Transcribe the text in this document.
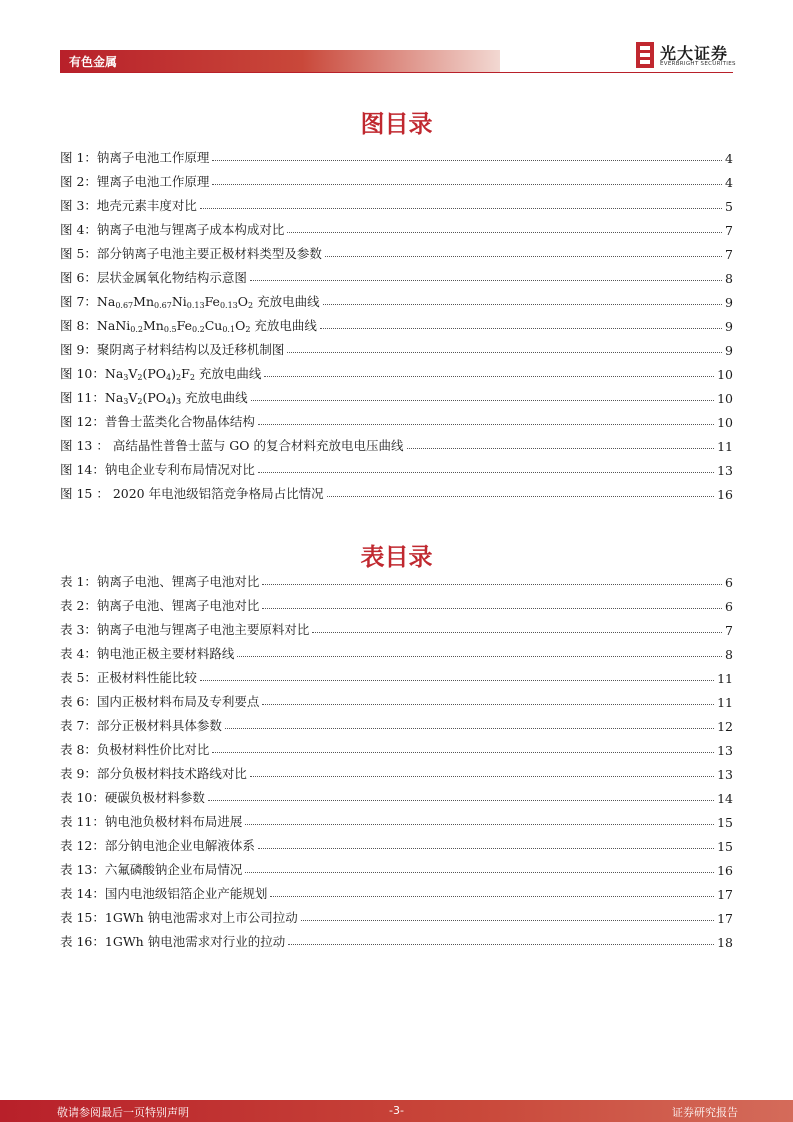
有色金属	光大证券
EVERBRIGHT SECURITIES
图目录
图 1：钠离子电池工作原理	4
图 2：锂离子电池工作原理	4
图 3：地壳元素丰度对比	5
图 4：钠离子电池与锂离子成本构成对比	7
图 5：部分钠离子电池主要正极材料类型及参数	7
图 6：层状金属氧化物结构示意图	8
图 7：$Na_{0.67}Mn_{0.67}Ni_{0.13}Fe_{0.13}O_2$ 充放电曲线	9
图 8：$NaNi_{0.2}Mn_{0.5}Fe_{0.2}Cu_{0.1}O_2$ 充放电曲线	9
图 9：聚阴离子材料结构以及迁移机制图	9
图 10：$Na_3V_2(PO_4)_2F_2$ 充放电曲线	10
图 11：$Na_3V_2(PO_4)_3$ 充放电曲线	10
图 12：普鲁士蓝类化合物晶体结构	10
图 13 ： 高结晶性普鲁士蓝与 GO 的复合材料充放电电压曲线	11
图 14：钠电企业专利布局情况对比	13
图 15 ： 2020 年电池级铝箔竞争格局占比情况	16
表目录
表 1：钠离子电池、锂离子电池对比	6
表 2：钠离子电池、锂离子电池对比	6
表 3：钠离子电池与锂离子电池主要原料对比	7
表 4：钠电池正极主要材料路线	8
表 5：正极材料性能比较	11
表 6：国内正极材料布局及专利要点	11
表 7：部分正极材料具体参数	12
表 8：负极材料性价比对比	13
表 9：部分负极材料技术路线对比	13
表 10：硬碳负极材料参数	14
表 11：钠电池负极材料布局进展	15
表 12：部分钠电池企业电解液体系	15
表 13：六氟磷酸钠企业布局情况	16
表 14：国内电池级铝箔企业产能规划	17
表 15：1GWh 钠电池需求对上市公司拉动	17
表 16：1GWh 钠电池需求对行业的拉动	18
敬请参阅最后一页特别声明	-3-	证券研究报告
